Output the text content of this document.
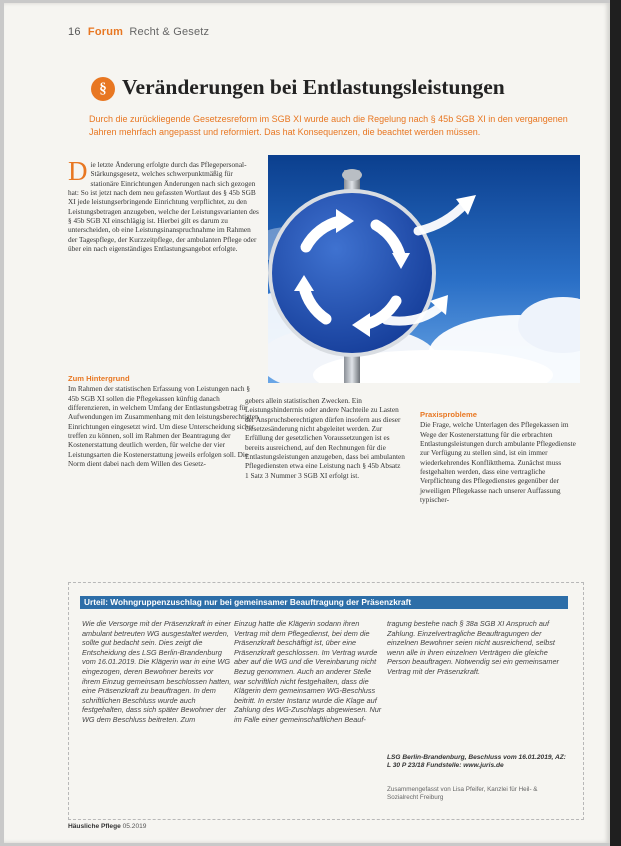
16 Forum Recht & Gesetz
§ Veränderungen bei Entlastungsleistungen
Durch die zurückliegende Gesetzesreform im SGB XI wurde auch die Regelung nach § 45b SGB XI in den vergangenen Jahren mehrfach angepasst und reformiert. Das hat Konsequenzen, die beachtet werden müssen.
Die letzte Änderung erfolgte durch das Pflegepersonal-Stärkungsgesetz, welches schwerpunktmäßig für stationäre Einrichtungen Änderungen nach sich gezogen hat: So ist jetzt nach dem neu gefassten Wortlaut des § 45b SGB XI jede leistungserbringende Einrichtung verpflichtet, zu den Leistungsbetragen anzugeben, welche der Leistungsvarianten des § 45b SGB XI einschlägig ist. Hierbei gilt es darum zu unterscheiden, ob eine Leistungsinanspruchnahme im Rahmen der Tagespflege, der Kurzzeitpflege, der ambulanten Pflege oder über ein nach eigenständiges Entlastungsangebot erfolgte.
Zum Hintergrund
Im Rahmen der statistischen Erfassung von Leistungen nach § 45b SGB XI sollen die Pflegekassen künftig danach differenzieren, in welchem Umfang der Entlastungsbetrag für Aufwendungen im Zusammenhang mit den leistungsberechtigten Einrichtungen eingesetzt wird. Um diese Unterscheidung sicher treffen zu können, soll im Rahmen der Beantragung der Kostenerstattung deutlich werden, für welche der vier Leistungsarten die Kostenerstattung jeweils erfolgen soll. Die Norm dient dabei nach dem Willen des Gesetz-
gebers allein statistischen Zwecken. Ein Leistungshinderrnis oder andere Nachteile zu Lasten der Anspruchsberechtigten dürfen insofern aus dieser Gesetzesänderung nicht abgeleitet werden. Zur Erfüllung der gesetzlichen Voraussetzungen ist es bereits ausreichend, auf den Rechnungen für die Entlastungsleistungen anzugeben, dass bei ambulanten Pflegediensten etwa eine Leistung nach § 45b Absatz 1 Satz 3 Nummer 3 SGB XI erfolgt ist.
Praxisprobleme
Die Frage, welche Unterlagen des Pflegekassen im Wege der Kostenerstattung für die erbrachten Entlastungsleistungen durch ambulante Pflegedienste zur Verfügung zu stellen sind, ist ein immer wiederkehrendes Konfliktthema. Zunächst muss festgehalten werden, dass eine vertragliche Verpflichtung des Pflegedienstes gegenüber der jeweiligen Pflegekasse nach unserer Auffassung typischer-
Urteil: Wohngruppenzuschlag nur bei gemeinsamer Beauftragung der Präsenzkraft
Wie die Versorge mit der Präsenzkraft in einer ambulant betreuten WG ausgestaltet werden, sollte gut bedacht sein. Dies zeigt die Entscheidung des LSG Berlin-Brandenburg vom 16.01.2019. Die Klägerin war in eine WG eingezogen, deren Bewohner bereits vor ihrem Einzug gemeinsam beschlossen hatten, eine Präsenzkraft zu beauftragen. In dem schriftlichen Beschluss wurde auch festgehalten, dass sich später Bewohner der WG dem Beschluss beitreten. Zum
Einzug hatte die Klägerin sodann ihren Vertrag mit dem Pflegedienst, bei dem die Präsenzkraft beschäftigt ist, über eine Präsenzkraft geschlossen. Im Vertrag wurde aber auf die WG und die Vereinbarung nicht Bezug genommen. Auch an anderer Stelle war schriftlich nicht festgehalten, dass die Klägerin dem gemeinsamen WG-Beschluss beitritt. In erster Instanz wurde die Klage auf Zahlung des WG-Zuschlags abgewiesen. Nur im Falle einer gemeinschaftlichen Beauf-
tragung bestehe nach § 38a SGB XI Anspruch auf Zahlung. Einzelvertragliche Beauftragungen der einzelnen Bewohner seien nicht ausreichend, selbst wenn alle in ihren einzelnen Verträgen die gleiche Person beauftragen. Notwendig sei ein gemeinsamer Vertrag mit der Präsenzkraft.
LSG Berlin-Brandenburg, Beschluss vom 16.01.2019, AZ: L 30 P 23/18 Fundstelle: www.juris.de
Zusammengefasst von Lisa Pfeifer, Kanzlei für Heil- & Sozialrecht Freiburg
Häusliche Pflege 05.2019
